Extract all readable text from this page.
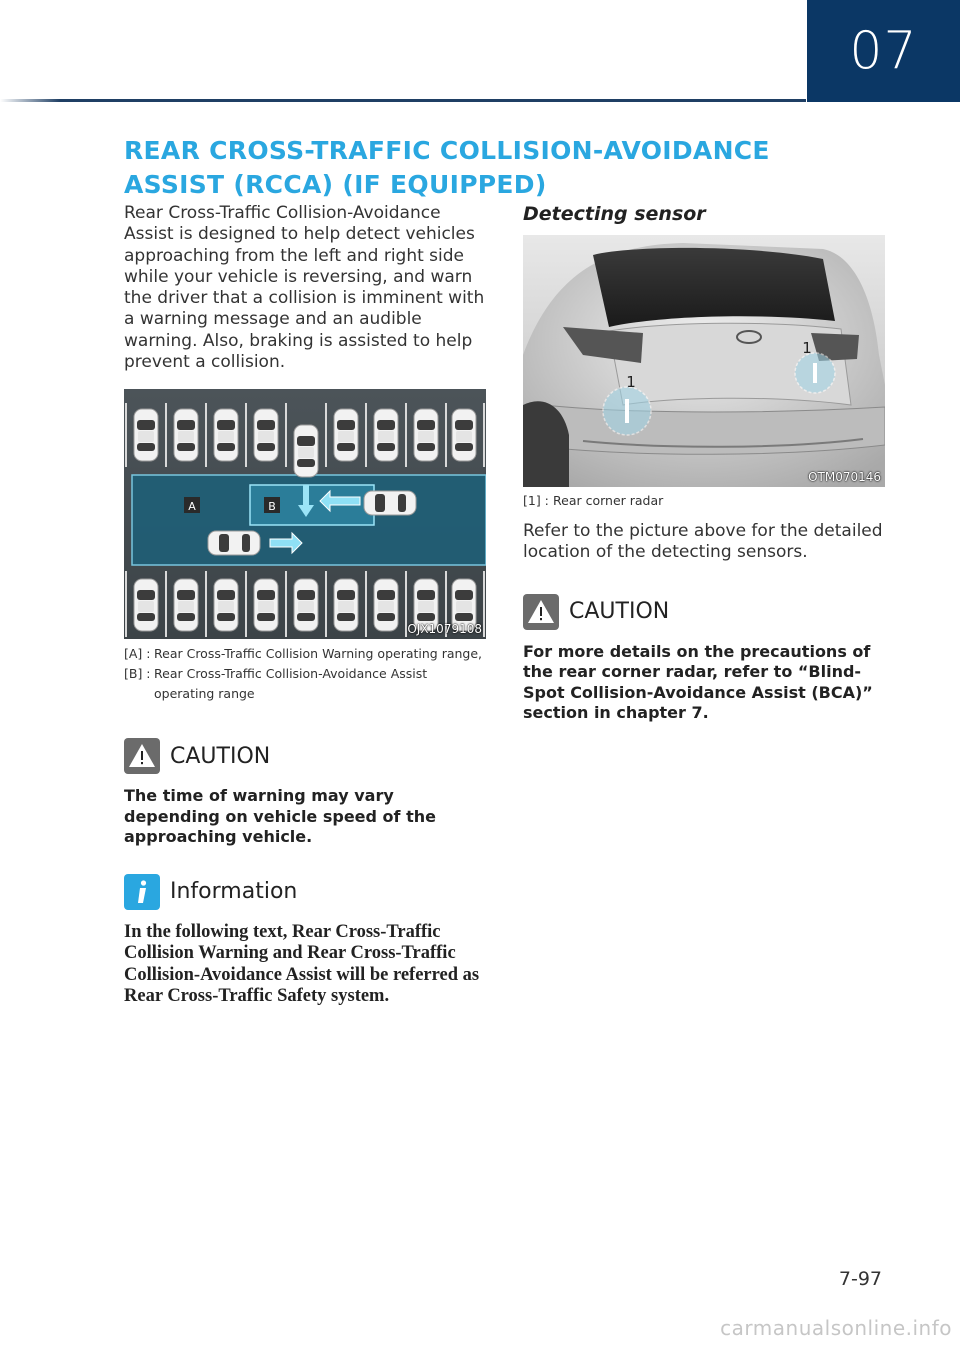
07
REAR CROSS-TRAFFIC COLLISION-AVOIDANCE ASSIST (RCCA) (IF EQUIPPED)

Rear Cross-Traffic Collision-Avoidance Assist is designed to help detect vehicles approaching from the left and right side while your vehicle is reversing, and warn the driver that a collision is imminent with a warning message and an audible warning. Also, braking is assisted to help prevent a collision.

A	B
OJX1079108
[A] : Rear Cross-Traffic Collision Warning operating range,
[B] : Rear Cross-Traffic Collision-Avoidance Assist operating range
CAUTION

The time of warning may vary depending on vehicle speed of the approaching vehicle.

Information

In the following text, Rear Cross-Traffic Collision Warning and Rear Cross-Traffic Collision-Avoidance Assist will be referred as Rear Cross-Traffic Safety system.

Detecting sensor
1
1
OTM070146
[1] : Rear corner radar

Refer to the picture above for the detailed location of the detecting sensors.

CAUTION

For more details on the precautions of the rear corner radar, refer to “Blind-Spot Collision-Avoidance Assist (BCA)” section in chapter 7.

7-97
carmanualsonline.info
